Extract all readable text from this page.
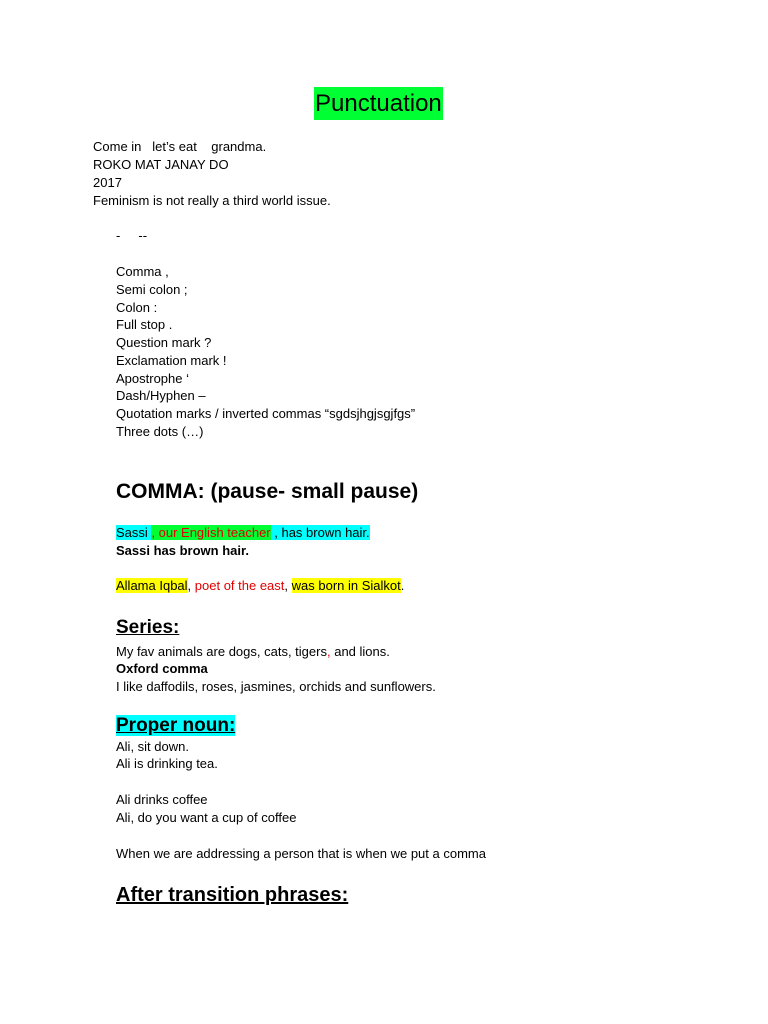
Punctuation
Come in   let’s eat    grandma.
ROKO MAT JANAY DO
2017
Feminism is not really a third world issue.
-     --
Comma ,
Semi colon ;
Colon :
Full stop .
Question mark ?
Exclamation mark !
Apostrophe ‘
Dash/Hyphen –
Quotation marks / inverted commas “sgdsjhgjsgjfgs”
Three dots (…)
COMMA: (pause- small pause)
Sassi , our English teacher , has brown hair.
Sassi has brown hair.
Allama Iqbal, poet of the east, was born in Sialkot.
Series:
My fav animals are dogs, cats, tigers, and lions.
Oxford comma
I like daffodils, roses, jasmines, orchids and sunflowers.
Proper noun:
Ali, sit down.
Ali is drinking tea.
Ali drinks coffee
Ali, do you want a cup of coffee
When we are addressing a person that is when we put a comma
After transition phrases:
